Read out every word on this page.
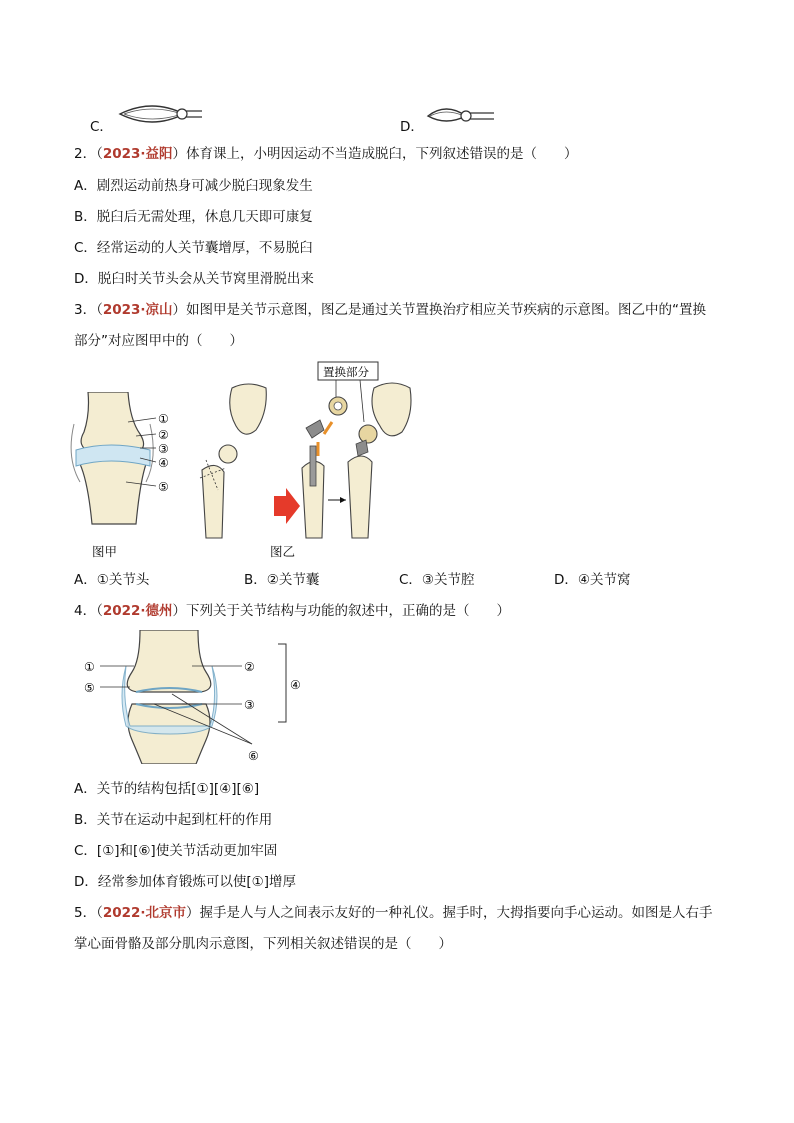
C．	D．
2．（2023·益阳）体育课上，小明因运动不当造成脱臼，下列叙述错误的是（　　）
A．剧烈运动前热身可减少脱臼现象发生
B．脱臼后无需处理，休息几天即可康复
C．经常运动的人关节囊增厚，不易脱臼
D．脱臼时关节头会从关节窝里滑脱出来
3．（2023·凉山）如图甲是关节示意图，图乙是通过关节置换治疗相应关节疾病的示意图。图乙中的“置换
部分”对应图甲中的（　　）
①
②
③
④
⑤
图甲
置换部分
图乙
A．①关节头	B．②关节囊	C．③关节腔	D．④关节窝
4．（2022·德州）下列关于关节结构与功能的叙述中，正确的是（　　）
①	②
③
④
⑤
⑥
A．关节的结构包括[①][④][⑥]
B．关节在运动中起到杠杆的作用
C．[①]和[⑥]使关节活动更加牢固
D．经常参加体育锻炼可以使[①]增厚
5．（2022·北京市）握手是人与人之间表示友好的一种礼仪。握手时，大拇指要向手心运动。如图是人右手
掌心面骨骼及部分肌肉示意图，下列相关叙述错误的是（　　）
